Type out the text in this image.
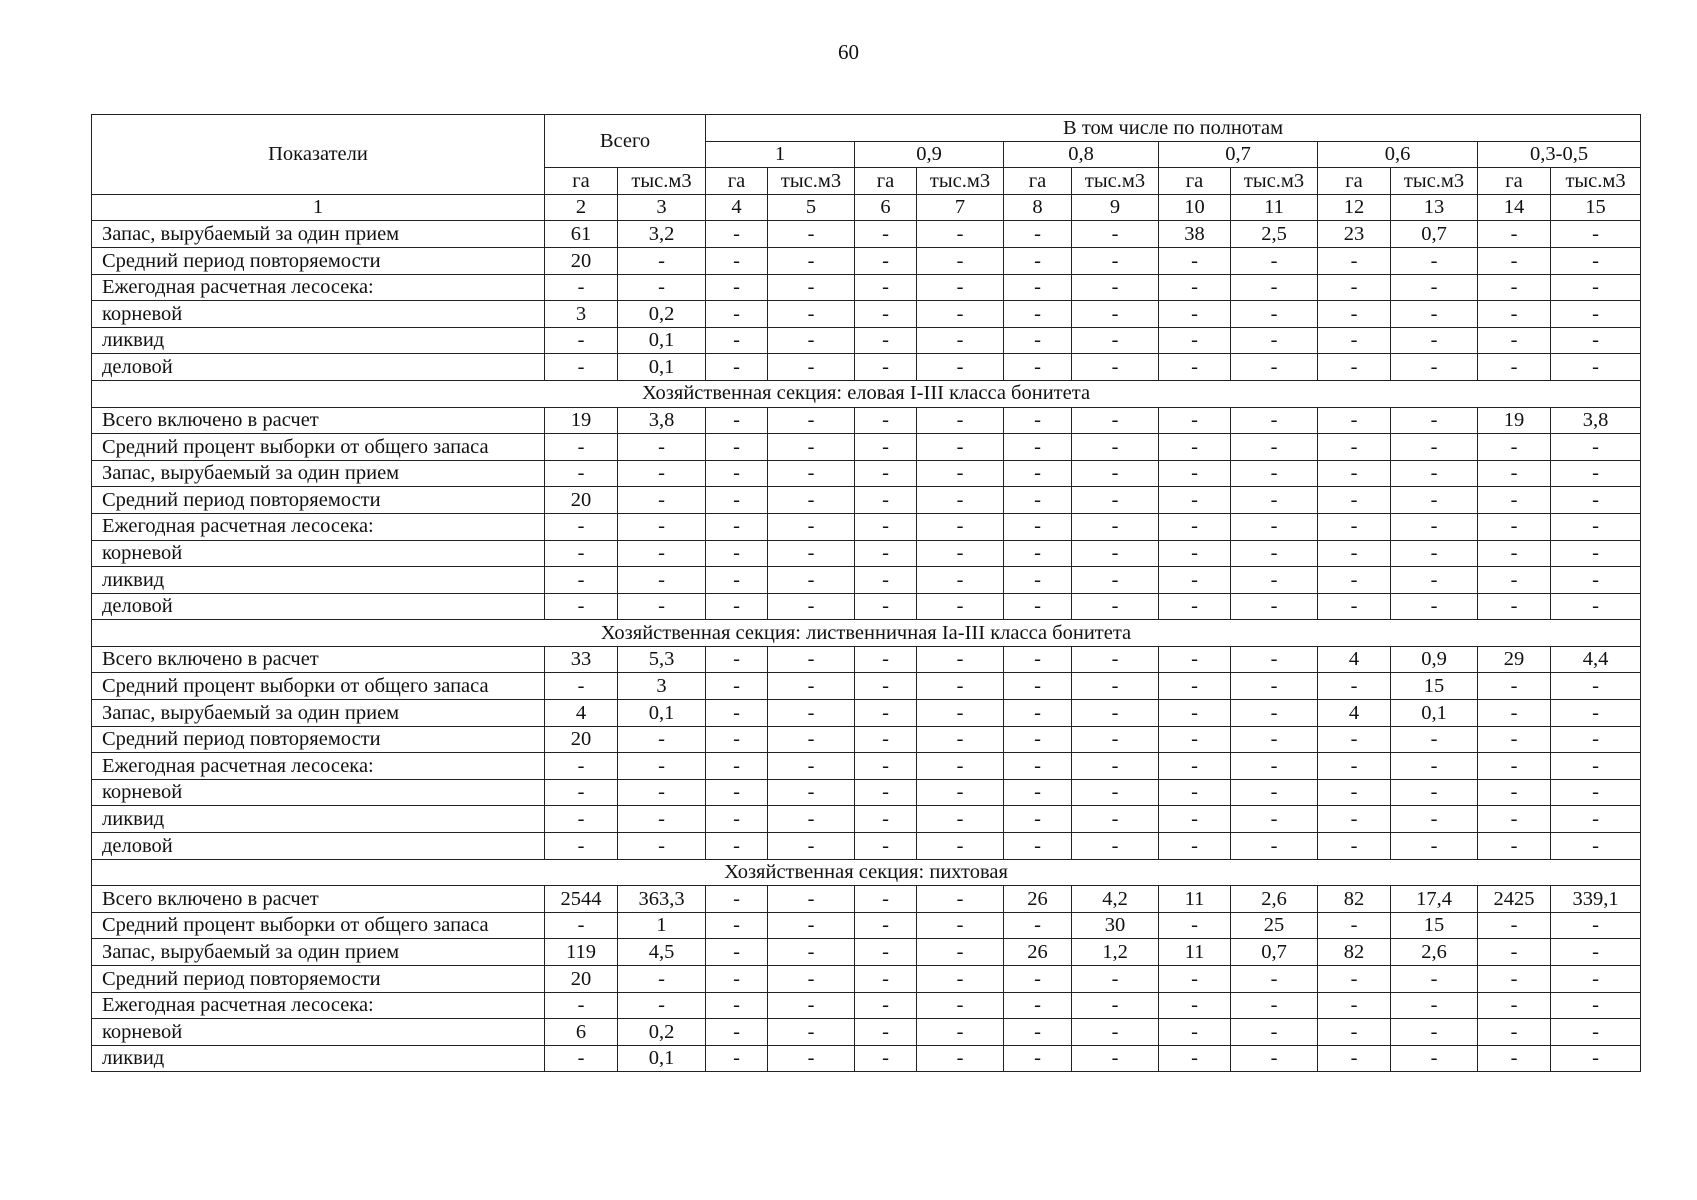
60
Показатели	Всего		В том числе по полнотам											
			1		0,9		0,8		0,7		0,6		0,3-0,5	
	га	тыс.м3	га	тыс.м3	га	тыс.м3	га	тыс.м3	га	тыс.м3	га	тыс.м3	га	тыс.м3
1	2	3	4	5	6	7	8	9	10	11	12	13	14	15
Запас, вырубаемый за один прием	61	3,2	-	-	-	-	-	-	38	2,5	23	0,7	-	-
Средний период повторяемости	20	-	-	-	-	-	-	-	-	-	-	-	-	-
Ежегодная расчетная лесосека:	-	-	-	-	-	-	-	-	-	-	-	-	-	-
корневой	3	0,2	-	-	-	-	-	-	-	-	-	-	-	-
ликвид	-	0,1	-	-	-	-	-	-	-	-	-	-	-	-
деловой	-	0,1	-	-	-	-	-	-	-	-	-	-	-	-
Хозяйственная секция: еловая I-III класса бонитета														
Всего включено в расчет	19	3,8	-	-	-	-	-	-	-	-	-	-	19	3,8
Средний процент выборки от общего запаса	-	-	-	-	-	-	-	-	-	-	-	-	-	-
Запас, вырубаемый за один прием	-	-	-	-	-	-	-	-	-	-	-	-	-	-
Средний период повторяемости	20	-	-	-	-	-	-	-	-	-	-	-	-	-
Ежегодная расчетная лесосека:	-	-	-	-	-	-	-	-	-	-	-	-	-	-
корневой	-	-	-	-	-	-	-	-	-	-	-	-	-	-
ликвид	-	-	-	-	-	-	-	-	-	-	-	-	-	-
деловой	-	-	-	-	-	-	-	-	-	-	-	-	-	-
Хозяйственная секция: лиственничная Ia-III класса бонитета														
Всего включено в расчет	33	5,3	-	-	-	-	-	-	-	-	4	0,9	29	4,4
Средний процент выборки от общего запаса	-	3	-	-	-	-	-	-	-	-	-	15	-	-
Запас, вырубаемый за один прием	4	0,1	-	-	-	-	-	-	-	-	4	0,1	-	-
Средний период повторяемости	20	-	-	-	-	-	-	-	-	-	-	-	-	-
Ежегодная расчетная лесосека:	-	-	-	-	-	-	-	-	-	-	-	-	-	-
корневой	-	-	-	-	-	-	-	-	-	-	-	-	-	-
ликвид	-	-	-	-	-	-	-	-	-	-	-	-	-	-
деловой	-	-	-	-	-	-	-	-	-	-	-	-	-	-
Хозяйственная секция: пихтовая														
Всего включено в расчет	2544	363,3	-	-	-	-	26	4,2	11	2,6	82	17,4	2425	339,1
Средний процент выборки от общего запаса	-	1	-	-	-	-	-	30	-	25	-	15	-	-
Запас, вырубаемый за один прием	119	4,5	-	-	-	-	26	1,2	11	0,7	82	2,6	-	-
Средний период повторяемости	20	-	-	-	-	-	-	-	-	-	-	-	-	-
Ежегодная расчетная лесосека:	-	-	-	-	-	-	-	-	-	-	-	-	-	-
корневой	6	0,2	-	-	-	-	-	-	-	-	-	-	-	-
ликвид	-	0,1	-	-	-	-	-	-	-	-	-	-	-	-
